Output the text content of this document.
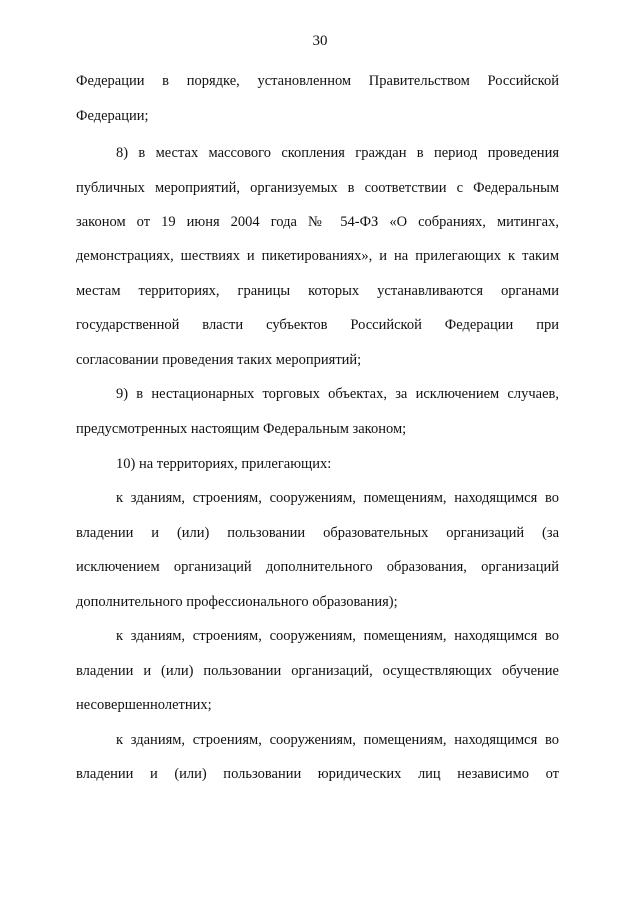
30
Федерации в порядке, установленном Правительством Российской
Федерации;
8) в местах массового скопления граждан в период проведения
публичных мероприятий, организуемых в соответствии с Федеральным
законом от 19 июня 2004 года № 54-ФЗ «О собраниях, митингах,
демонстрациях, шествиях и пикетированиях», и на прилегающих к таким
местам территориях, границы которых устанавливаются органами
государственной власти субъектов Российской Федерации при
согласовании проведения таких мероприятий;
9) в нестационарных торговых объектах, за исключением случаев,
предусмотренных настоящим Федеральным законом;
10) на территориях, прилегающих:
к зданиям, строениям, сооружениям, помещениям, находящимся во
владении и (или) пользовании образовательных организаций (за
исключением организаций дополнительного образования, организаций
дополнительного профессионального образования);
к зданиям, строениям, сооружениям, помещениям, находящимся во
владении и (или) пользовании организаций, осуществляющих обучение
несовершеннолетних;
к зданиям, строениям, сооружениям, помещениям, находящимся во
владении и (или) пользовании юридических лиц независимо от
